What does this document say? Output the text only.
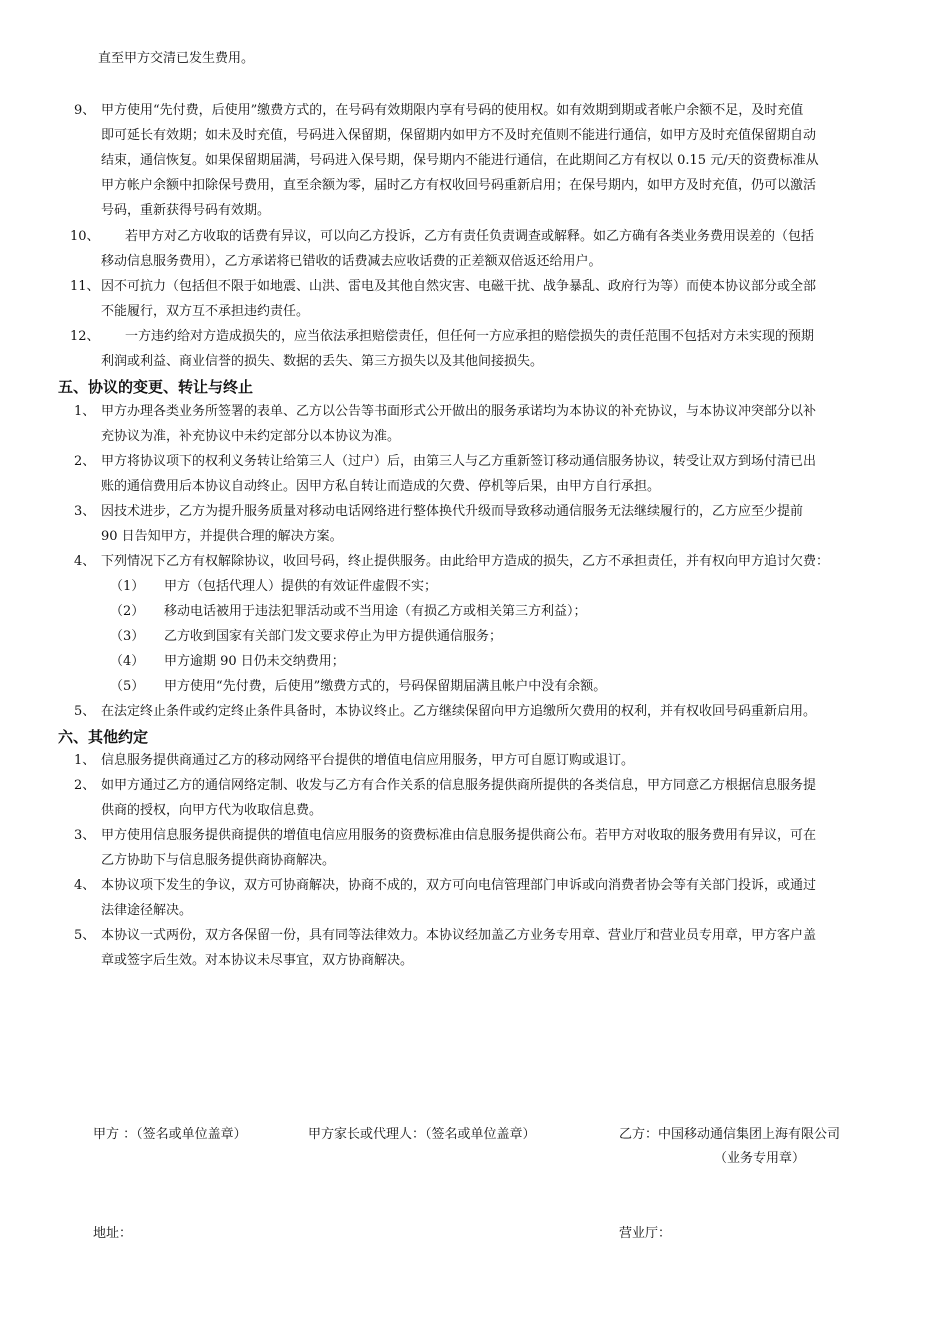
直至甲方交清已发生费用。
9、 甲方使用“先付费，后使用”缴费方式的，在号码有效期限内享有号码的使用权。如有效期到期或者帐户余额不足，及时充值
即可延长有效期；如未及时充值，号码进入保留期，保留期内如甲方不及时充值则不能进行通信，如甲方及时充值保留期自动
结束，通信恢复。如果保留期届满，号码进入保号期，保号期内不能进行通信，在此期间乙方有权以 0.15 元/天的资费标准从
甲方帐户余额中扣除保号费用，直至余额为零，届时乙方有权收回号码重新启用；在保号期内，如甲方及时充值，仍可以激活
号码，重新获得号码有效期。
10、 若甲方对乙方收取的话费有异议，可以向乙方投诉，乙方有责任负责调查或解释。如乙方确有各类业务费用误差的（包括
移动信息服务费用），乙方承诺将已错收的话费减去应收话费的正差额双倍返还给用户。
11、 因不可抗力（包括但不限于如地震、山洪、雷电及其他自然灾害、电磁干扰、战争暴乱、政府行为等）而使本协议部分或全部
不能履行，双方互不承担违约责任。
12、 一方违约给对方造成损失的，应当依法承担赔偿责任，但任何一方应承担的赔偿损失的责任范围不包括对方未实现的预期
利润或利益、商业信誉的损失、数据的丢失、第三方损失以及其他间接损失。
五、协议的变更、转让与终止
1、 甲方办理各类业务所签署的表单、乙方以公告等书面形式公开做出的服务承诺均为本协议的补充协议，与本协议冲突部分以补
充协议为准，补充协议中未约定部分以本协议为准。
2、 甲方将协议项下的权利义务转让给第三人（过户）后，由第三人与乙方重新签订移动通信服务协议，转受让双方到场付清已出
账的通信费用后本协议自动终止。因甲方私自转让而造成的欠费、停机等后果，由甲方自行承担。
3、 因技术进步，乙方为提升服务质量对移动电话网络进行整体换代升级而导致移动通信服务无法继续履行的，乙方应至少提前
90 日告知甲方，并提供合理的解决方案。
4、 下列情况下乙方有权解除协议，收回号码，终止提供服务。由此给甲方造成的损失，乙方不承担责任，并有权向甲方追讨欠费：
（1） 甲方（包括代理人）提供的有效证件虚假不实；
（2） 移动电话被用于违法犯罪活动或不当用途（有损乙方或相关第三方利益）；
（3） 乙方收到国家有关部门发文要求停止为甲方提供通信服务；
（4） 甲方逾期 90 日仍未交纳费用；
（5） 甲方使用“先付费，后使用”缴费方式的，号码保留期届满且帐户中没有余额。
5、 在法定终止条件或约定终止条件具备时，本协议终止。乙方继续保留向甲方追缴所欠费用的权利，并有权收回号码重新启用。
六、其他约定
1、 信息服务提供商通过乙方的移动网络平台提供的增值电信应用服务，甲方可自愿订购或退订。
2、 如甲方通过乙方的通信网络定制、收发与乙方有合作关系的信息服务提供商所提供的各类信息，甲方同意乙方根据信息服务提
供商的授权，向甲方代为收取信息费。
3、 甲方使用信息服务提供商提供的增值电信应用服务的资费标准由信息服务提供商公布。若甲方对收取的服务费用有异议，可在
乙方协助下与信息服务提供商协商解决。
4、 本协议项下发生的争议，双方可协商解决，协商不成的，双方可向电信管理部门申诉或向消费者协会等有关部门投诉，或通过
法律途径解决。
5、 本协议一式两份，双方各保留一份，具有同等法律效力。本协议经加盖乙方业务专用章、营业厅和营业员专用章，甲方客户盖
章或签字后生效。对本协议未尽事宜，双方协商解决。
甲方 ：（签名或单位盖章）	甲方家长或代理人：（签名或单位盖章）	乙方：中国移动通信集团上海有限公司
（业务专用章）
地址：	营业厅：
